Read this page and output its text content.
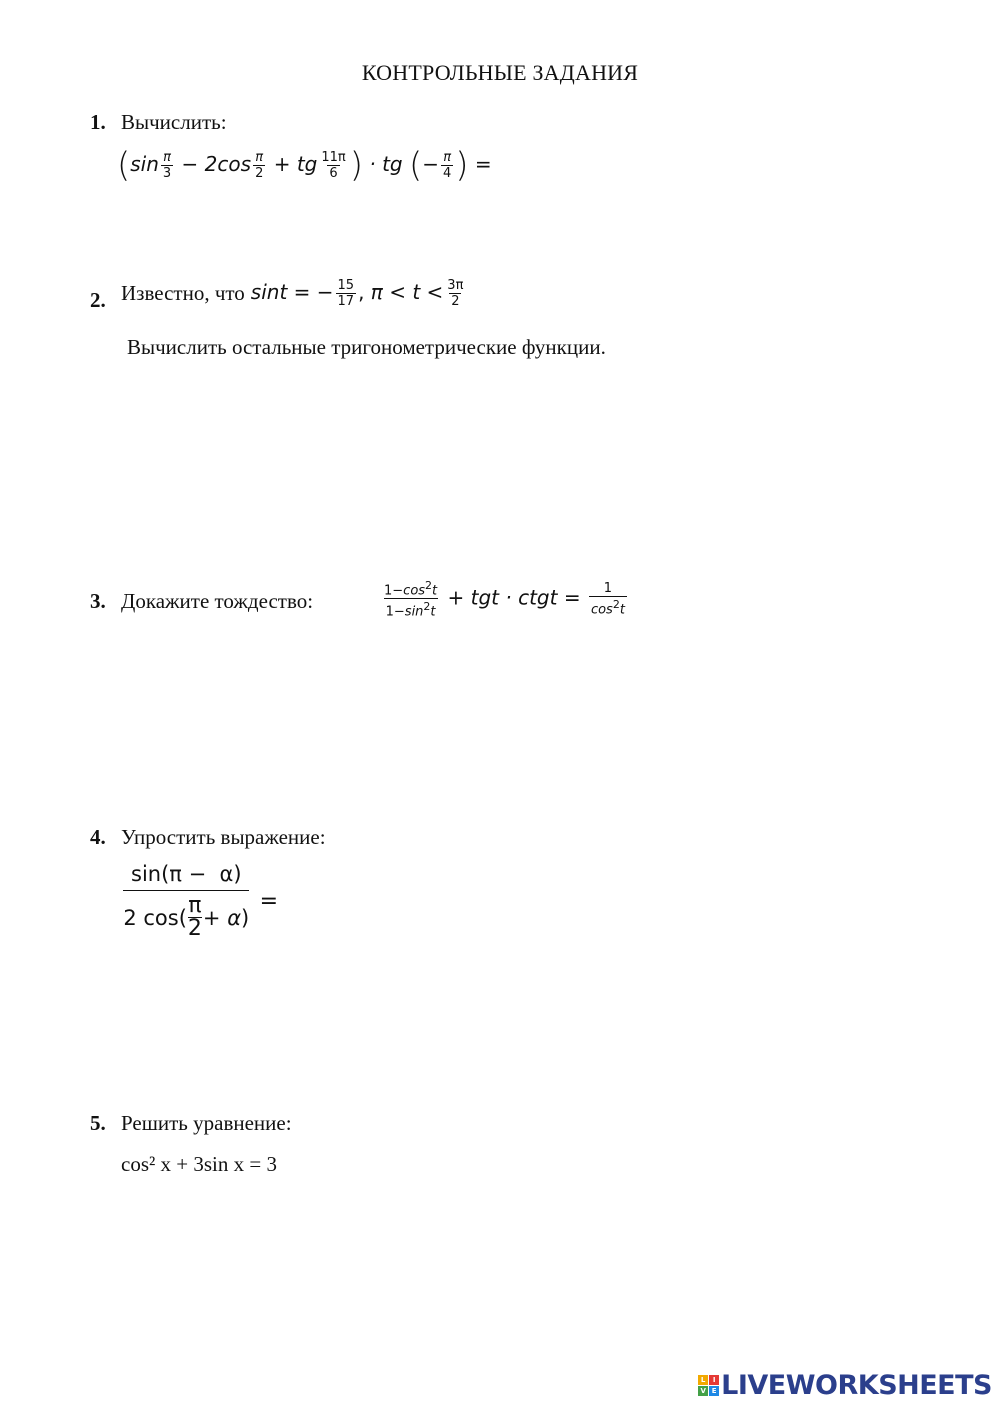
КОНТРОЛЬНЫЕ ЗАДАНИЯ
1. Вычислить:
($\sin \frac{\pi}{3} - 2\cos \frac{\pi}{2}$ + tg $\frac{11\pi}{6}$ ) · tg (− $\frac{\pi}{4}$ ) =
2. Известно, что sint = − $\frac{15}{17}$ , $\pi < t < \frac{3\pi}{2}$
Вычислить остальные тригонометрические функции.
3. Докажите тождество:	$\frac{1-\cos^2t}{1-\sin^2t}$ + tgt · ctgt = $\frac{1}{\cos^2t}$
4. Упростить выражение:
sin(π −  α)
2 cos( π
2 + α ) =
5. Решить уравнение:
cos² x + 3sin x = 3
L	I
V E LIVEWORKSHEETS
